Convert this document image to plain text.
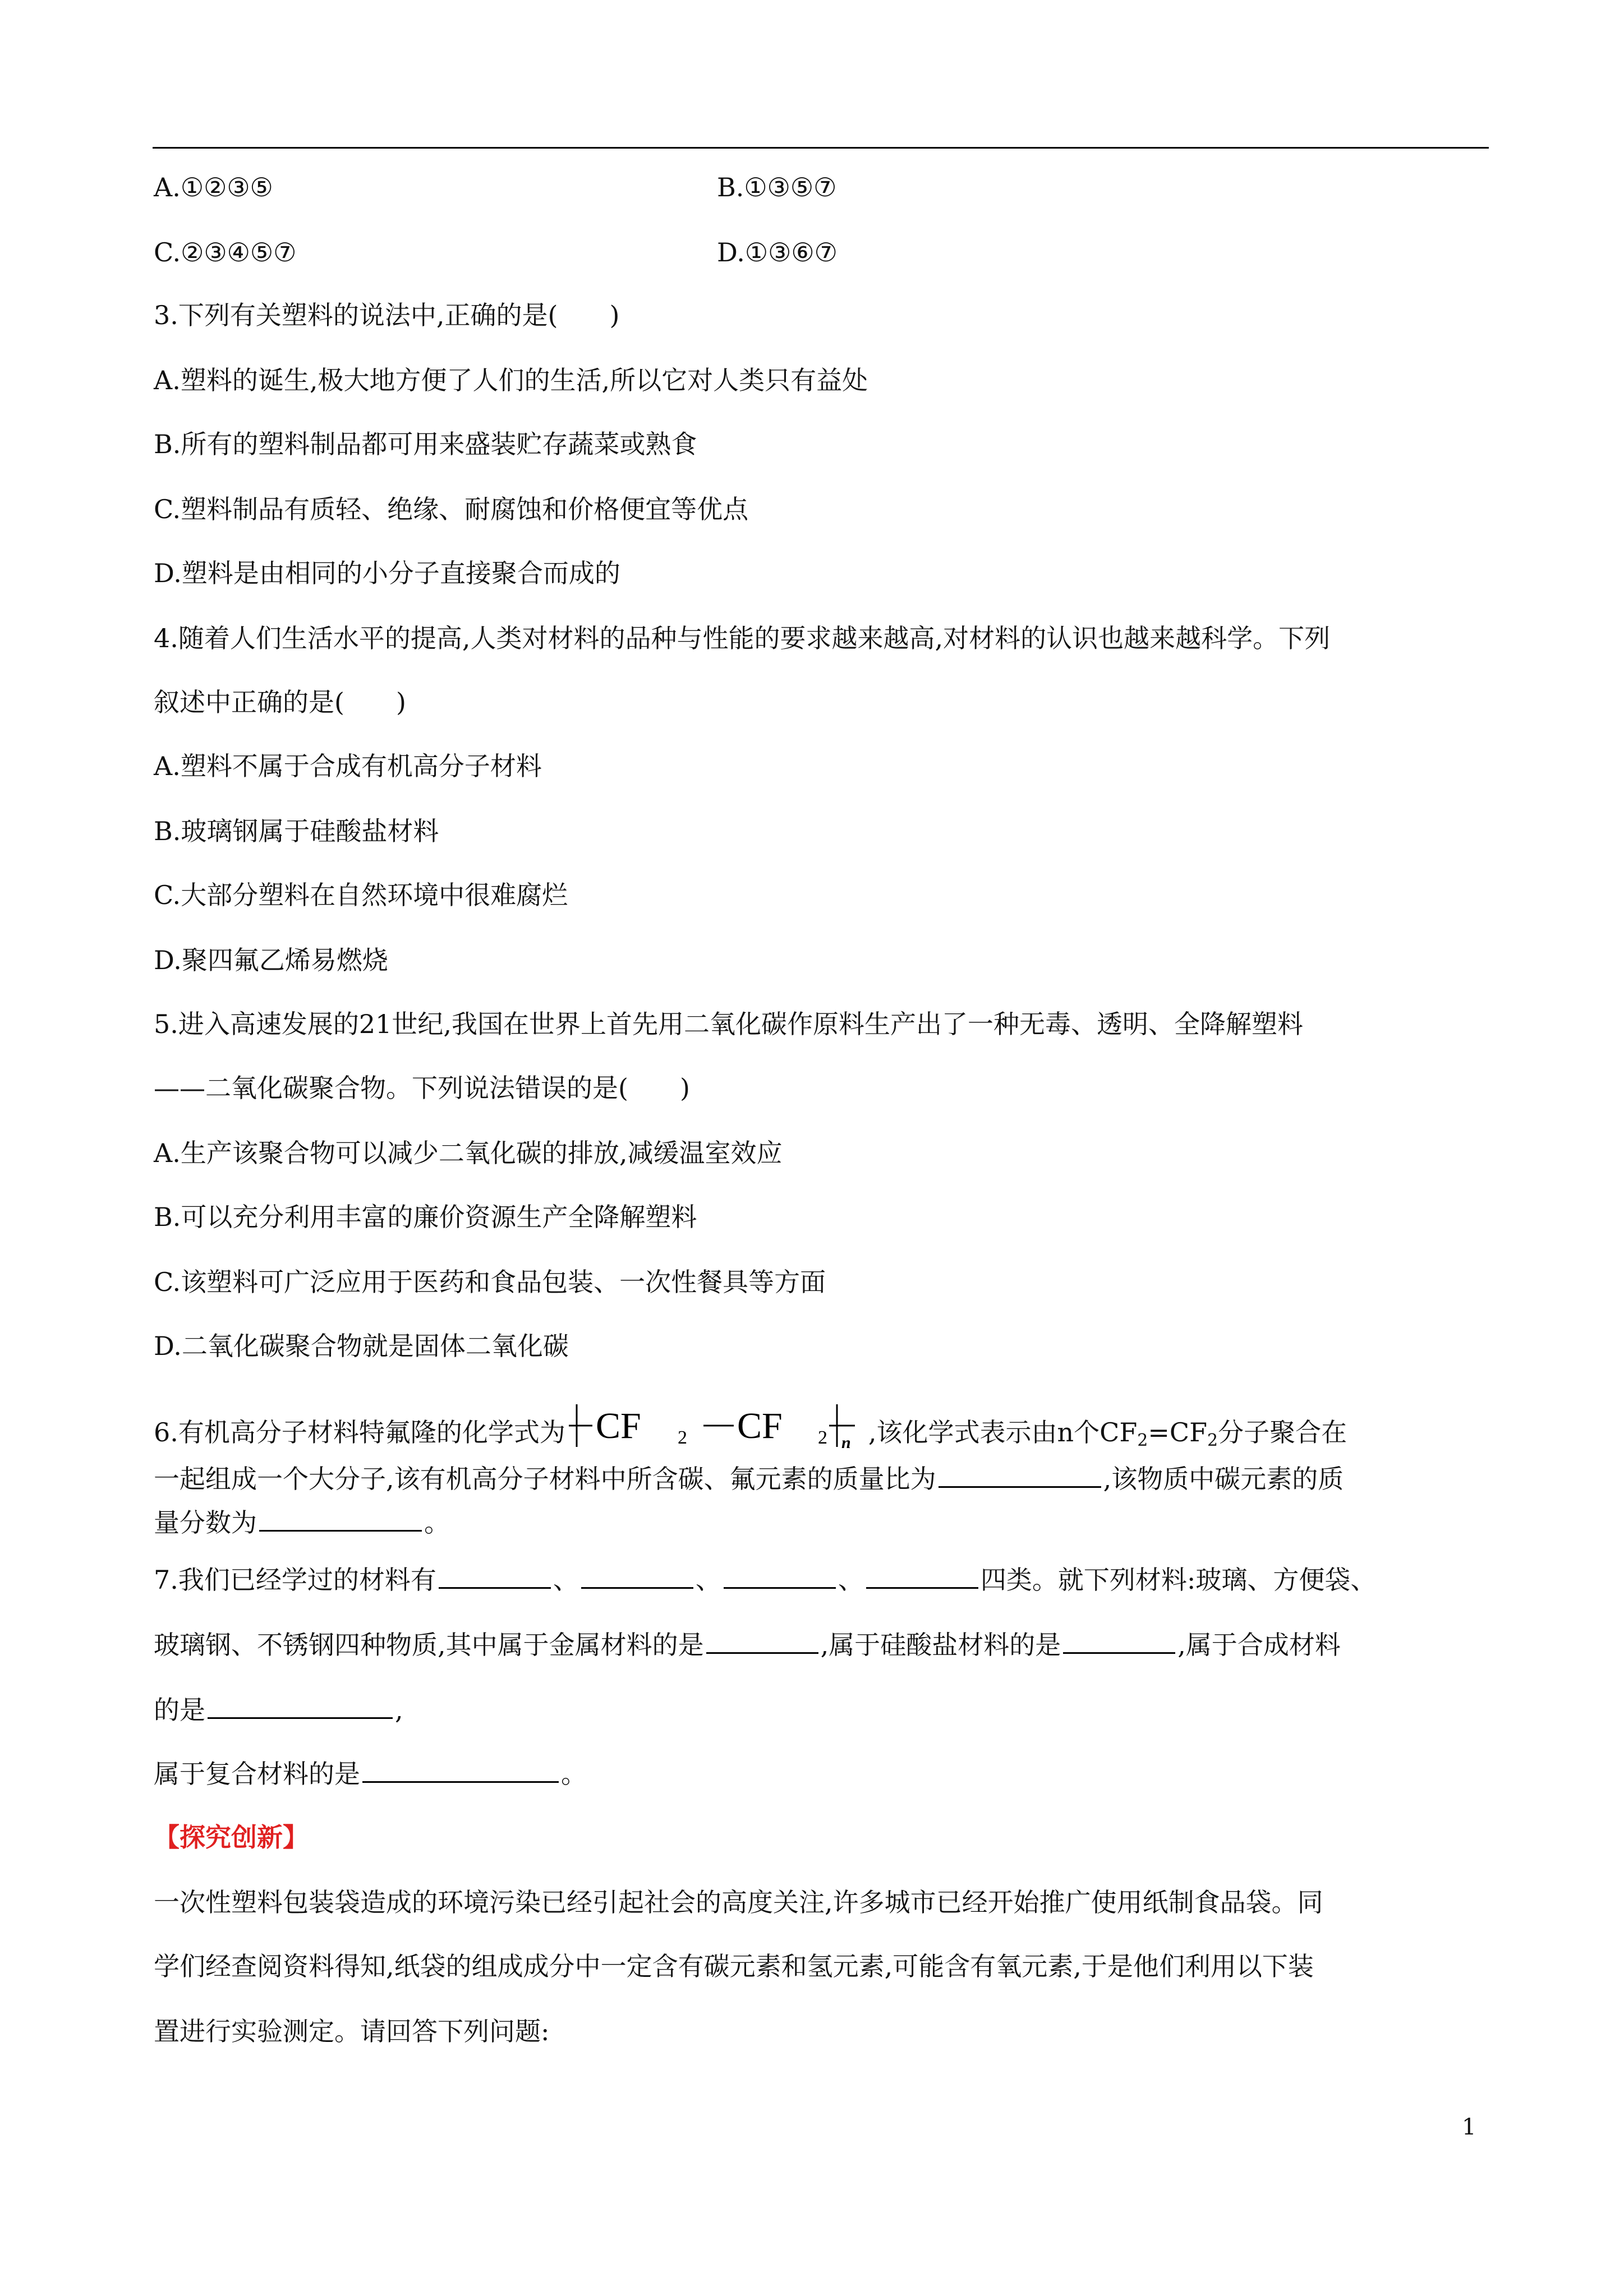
A.①②③⑤	B.①③⑤⑦
C.②③④⑤⑦	D.①③⑥⑦
3.下列有关塑料的说法中,正确的是(　　)
A.塑料的诞生,极大地方便了人们的生活,所以它对人类只有益处
B.所有的塑料制品都可用来盛装贮存蔬菜或熟食
C.塑料制品有质轻、绝缘、耐腐蚀和价格便宜等优点
D.塑料是由相同的小分子直接聚合而成的
4.随着人们生活水平的提高,人类对材料的品种与性能的要求越来越高,对材料的认识也越来越科学。下列
叙述中正确的是(　　)
A.塑料不属于合成有机高分子材料
B.玻璃钢属于硅酸盐材料
C.大部分塑料在自然环境中很难腐烂
D.聚四氟乙烯易燃烧
5.进入高速发展的21世纪,我国在世界上首先用二氧化碳作原料生产出了一种无毒、透明、全降解塑料
——二氧化碳聚合物。下列说法错误的是(　　)
A.生产该聚合物可以减少二氧化碳的排放,减缓温室效应
B.可以充分利用丰富的廉价资源生产全降解塑料
C.该塑料可广泛应用于医药和食品包装、一次性餐具等方面
D.二氧化碳聚合物就是固体二氧化碳
6.有机高分子材料特氟隆的化学式为 CF 2 CF 2 n ,该化学式表示由n个$CF_2=CF_2$分子聚合在
一起组成一个大分子,该有机高分子材料中所含碳、氟元素的质量比为	,该物质中碳元素的质
量分数为	。
7.我们已经学过的材料有	、	、	、	四类。就下列材料:玻璃、方便袋、
玻璃钢、不锈钢四种物质,其中属于金属材料的是	,属于硅酸盐材料的是	,属于合成材料
的是	,
属于复合材料的是	。
【探究创新】
一次性塑料包装袋造成的环境污染已经引起社会的高度关注,许多城市已经开始推广使用纸制食品袋。同
学们经查阅资料得知,纸袋的组成成分中一定含有碳元素和氢元素,可能含有氧元素,于是他们利用以下装
置进行实验测定。请回答下列问题:
1
